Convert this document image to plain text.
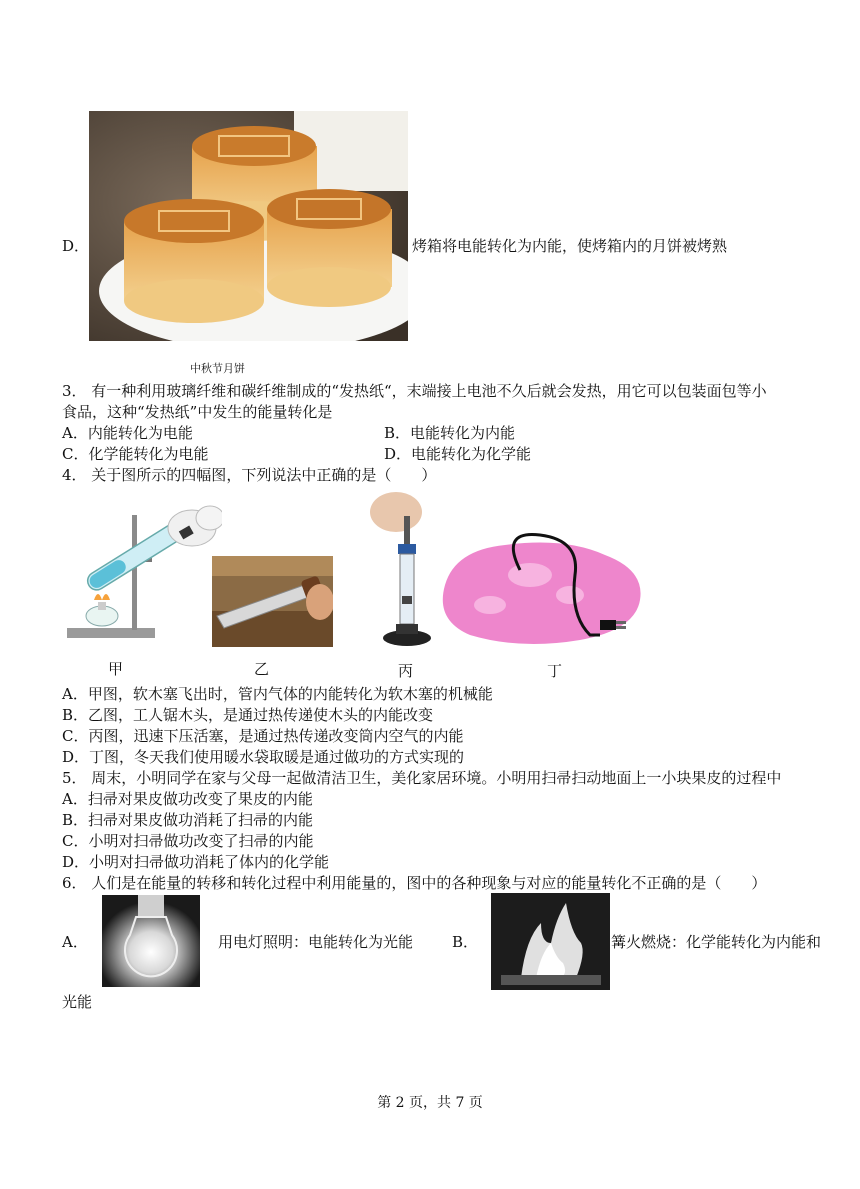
D．	烤箱将电能转化为内能，使烤箱内的月饼被烤熟
中秋节月饼
3． 有一种利用玻璃纤维和碳纤维制成的“发热纸“，末端接上电池不久后就会发热，用它可以包装面包等小
食品，这种“发热纸”中发生的能量转化是
A．内能转化为电能	B．电能转化为内能
C．化学能转化为电能	D．电能转化为化学能
4． 关于图所示的四幅图，下列说法中正确的是（　　）
甲	乙	丙	丁
A．甲图，软木塞飞出时，管内气体的内能转化为软木塞的机械能
B．乙图，工人锯木头，是通过热传递使木头的内能改变
C．丙图，迅速下压活塞，是通过热传递改变筒内空气的内能
D．丁图，冬天我们使用暖水袋取暖是通过做功的方式实现的
5． 周末，小明同学在家与父母一起做清洁卫生，美化家居环境。小明用扫帚扫动地面上一小块果皮的过程中
A．扫帚对果皮做功改变了果皮的内能
B．扫帚对果皮做功消耗了扫帚的内能
C．小明对扫帚做功改变了扫帚的内能
D．小明对扫帚做功消耗了体内的化学能
6． 人们是在能量的转移和转化过程中利用能量的，图中的各种现象与对应的能量转化不正确的是（　　）
A．	用电灯照明：电能转化为光能	B．	篝火燃烧：化学能转化为内能和
光能
第 2 页，共 7 页
